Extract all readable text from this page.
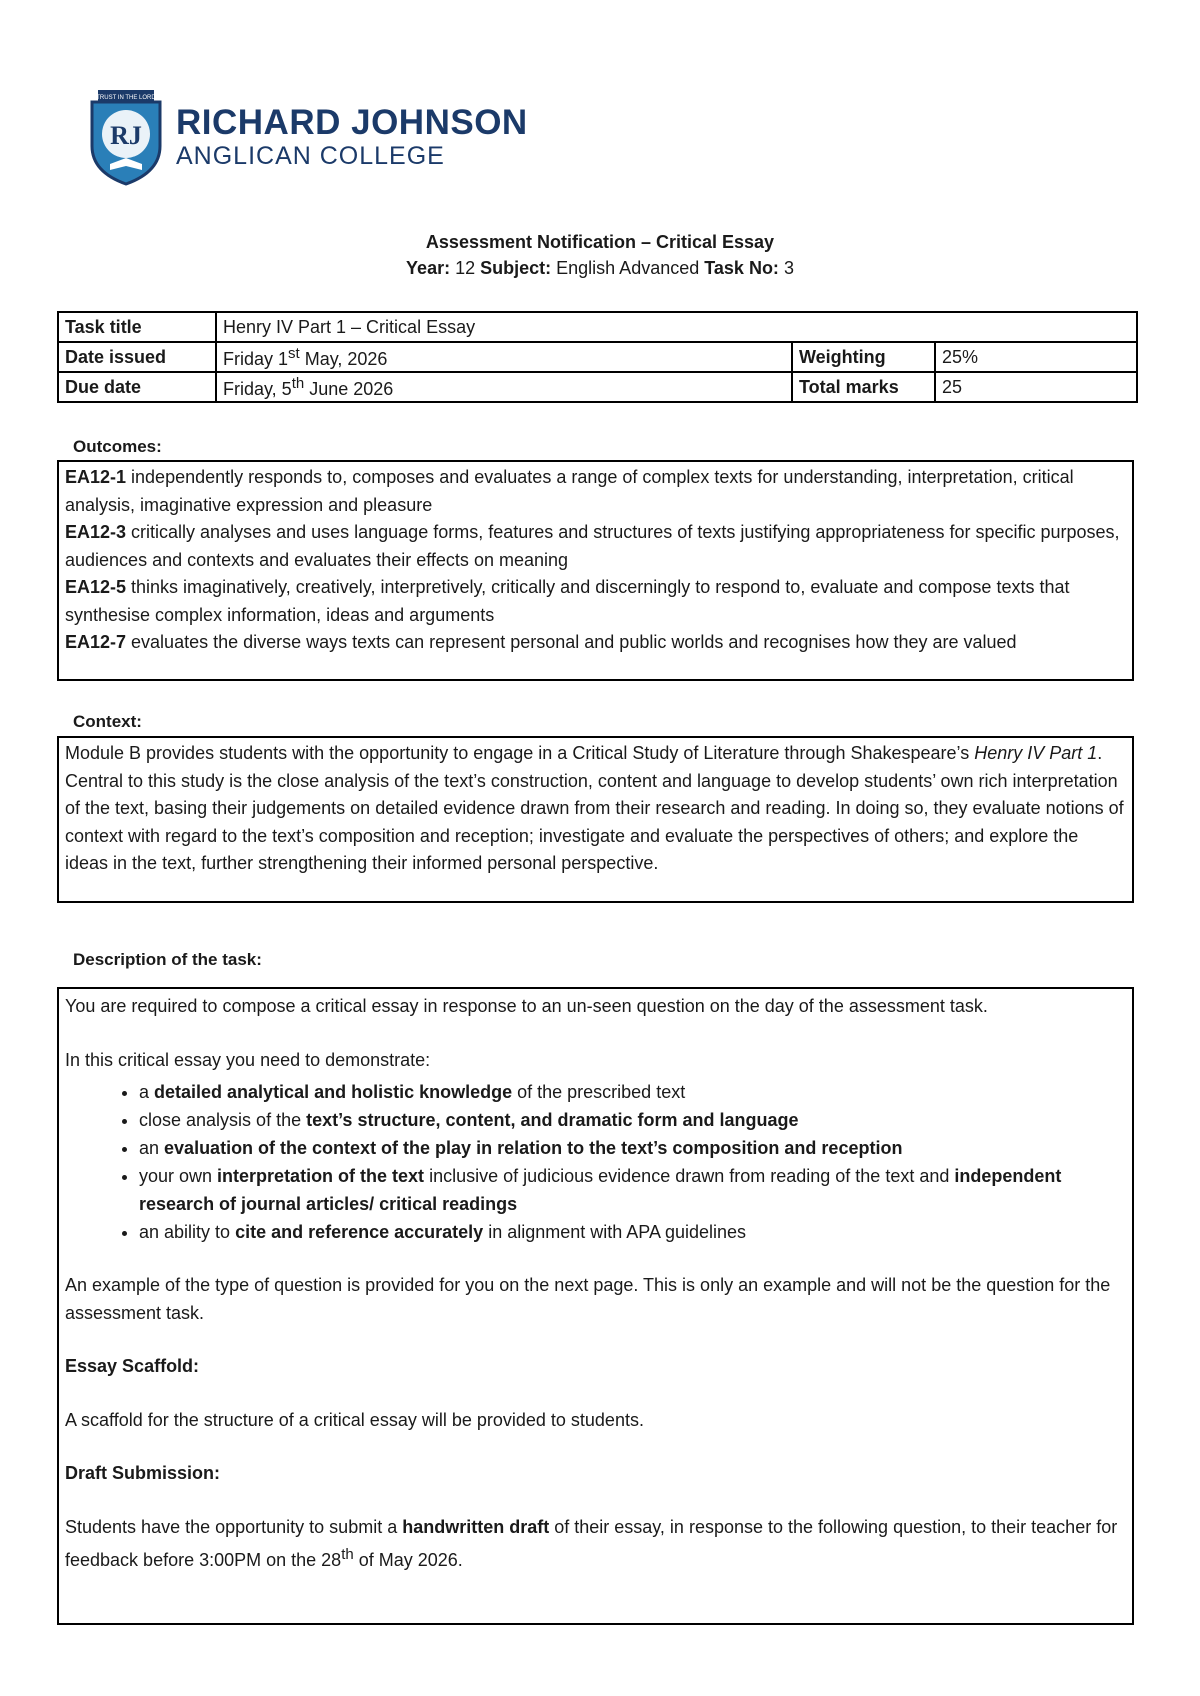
TRUST IN THE LORD
RJ RICHARD JOHNSON
ANGLICAN COLLEGE
Assessment Notification – Critical Essay
Year: 12 Subject: English Advanced Task No: 3
Task title	Henry IV Part 1 – Critical Essay		
Date issued	Friday 1st May, 2026	Weighting	25%
Due date	Friday, 5th June 2026	Total marks	25
Outcomes:
EA12-1 independently responds to, composes and evaluates a range of complex texts for understanding, interpretation, critical analysis, imaginative expression and pleasure
EA12-3 critically analyses and uses language forms, features and structures of texts justifying appropriateness for specific purposes, audiences and contexts and evaluates their effects on meaning
EA12-5 thinks imaginatively, creatively, interpretively, critically and discerningly to respond to, evaluate and compose texts that synthesise complex information, ideas and arguments
EA12-7 evaluates the diverse ways texts can represent personal and public worlds and recognises how they are valued
Context:
Module B provides students with the opportunity to engage in a Critical Study of Literature through Shakespeare’s Henry IV Part 1. Central to this study is the close analysis of the text’s construction, content and language to develop students’ own rich interpretation of the text, basing their judgements on detailed evidence drawn from their research and reading. In doing so, they evaluate notions of context with regard to the text’s composition and reception; investigate and evaluate the perspectives of others; and explore the ideas in the text, further strengthening their informed personal perspective.
Description of the task:
You are required to compose a critical essay in response to an un-seen question on the day of the assessment task.
In this critical essay you need to demonstrate:
• a detailed analytical and holistic knowledge of the prescribed text
• close analysis of the text’s structure, content, and dramatic form and language
• an evaluation of the context of the play in relation to the text’s composition and reception
• your own interpretation of the text inclusive of judicious evidence drawn from reading of the text and independent research of journal articles/ critical readings
• an ability to cite and reference accurately in alignment with APA guidelines
An example of the type of question is provided for you on the next page. This is only an example and will not be the question for the assessment task.
Essay Scaffold:
A scaffold for the structure of a critical essay will be provided to students.
Draft Submission:
Students have the opportunity to submit a handwritten draft of their essay, in response to the following question, to their teacher for feedback before 3:00PM on the 28th of May 2026.
